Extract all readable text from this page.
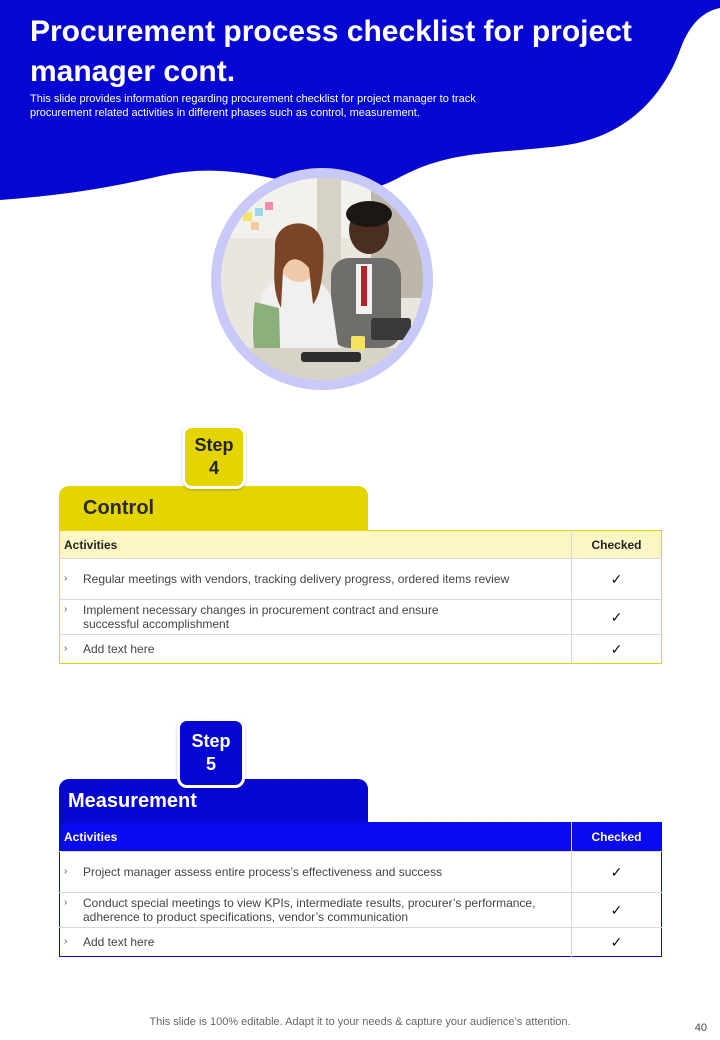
Procurement process checklist for project manager cont.

This slide provides information regarding procurement checklist for project manager to track procurement related activities in different phases such as control, measurement.

Step
4
Control
Activities	Checked

› Regular meetings with vendors, tracking delivery progress, ordered items review	✓

› Implement necessary changes in procurement contract and ensure successful accomplishment	✓

› Add text here	✓
Step
5
Measurement
Activities	Checked

› Project manager assess entire process’s effectiveness and success	✓

› Conduct special meetings to view KPIs, intermediate results, procurer’s performance, adherence to product specifications, vendor’s communication	✓

› Add text here	✓
This slide is 100% editable. Adapt it to your needs & capture your audience’s attention.	40
